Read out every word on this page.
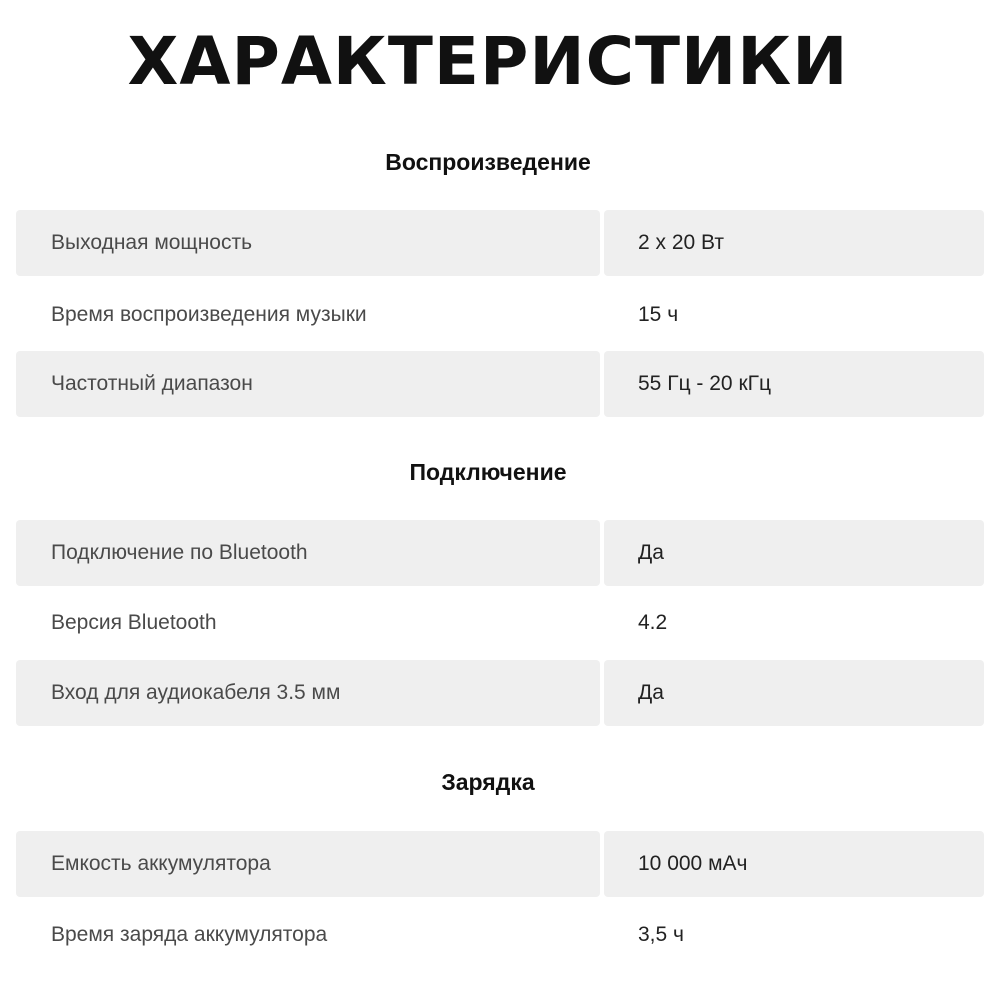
ХАРАКТЕРИСТИКИ
Воспроизведение
Выходная мощность	2 х 20 Вт
Время воспроизведения музыки	15 ч
Частотный диапазон	55 Гц - 20 кГц
Подключение
Подключение по Bluetooth	Да
Версия Bluetooth	4.2
Вход для аудиокабеля 3.5 мм	Да
Зарядка
Емкость аккумулятора	10 000 мАч
Время заряда аккумулятора	3,5 ч
